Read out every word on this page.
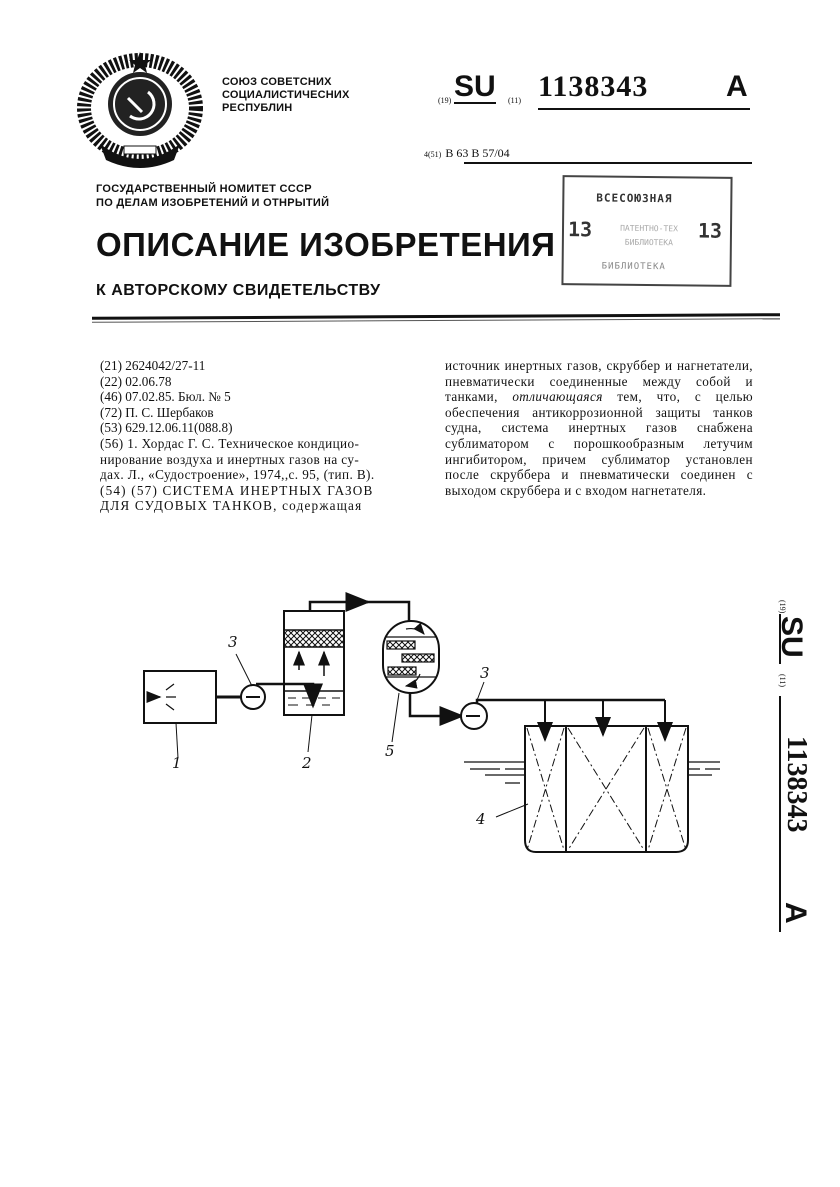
СОЮЗ СОВЕТСНИХ
СОЦИАЛИСТИЧЕСНИХ
РЕСПУБЛИН
ГОСУДАРСТВЕННЫЙ НОМИТЕТ СССР
ПО ДЕЛАМ ИЗОБРЕТЕНИЙ И ОТНРЫТИЙ
(19) SU (11) 1138343	A
4(51) B 63 B 57/04
ВСЕСОЮЗНАЯ
13	ПАТЕНТНО-ТЕХ
БИБЛИОТЕКА	13
БИБЛИОТЕКА
ОПИСАНИЕ ИЗОБРЕТЕНИЯ
К АВТОРСКОМУ СВИДЕТЕЛЬСТВУ
(21) 2624042/27-11
(22) 02.06.78
(46) 07.02.85. Бюл. № 5
(72) П. С. Шербаков
(53) 629.12.06.11(088.8)
(56) 1. Хордас Г. С. Техническое кондицио-
нирование воздуха и инертных газов на су-
дах. Л., «Судостроение», 1974,,с. 95, (тип. В).
(54) (57) СИСТЕМА ИНЕРТНЫХ ГАЗОВ
ДЛЯ СУДОВЫХ ТАНКОВ, содержащая
источник инертных газов, скруббер и нагнетатели, пневматически соединенные между собой и танками, отличающаяся тем, что, с целью обеспечения антикоррозионной защиты танков судна, система инертных газов снабжена сублиматором с порошкообразным летучим ингибитором, причем сублиматор установлен после скруббера и пневматически соединен с выходом скруббера и с входом нагнетателя.
1
3
2
5
3
4
(19)
SU
(11)
1138343
A
